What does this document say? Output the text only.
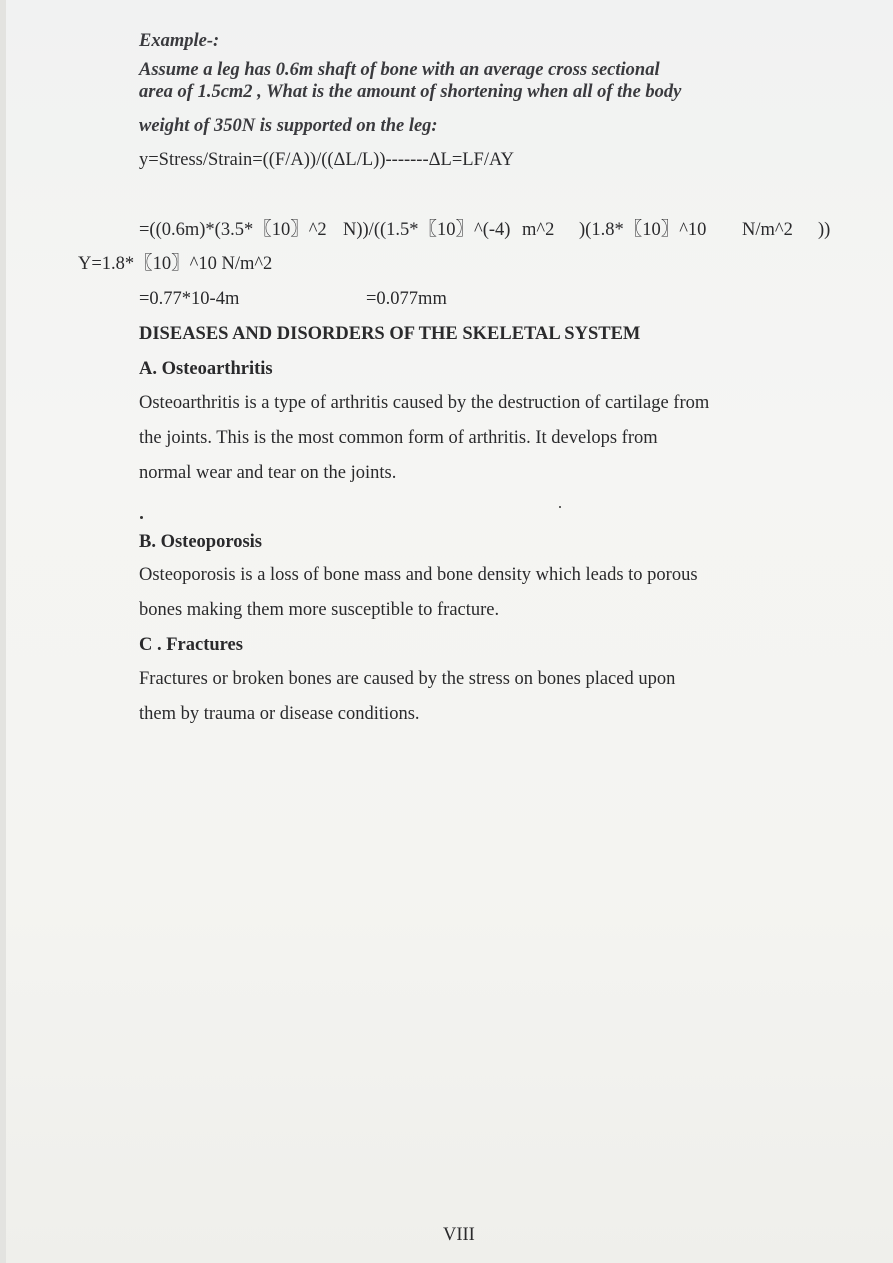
Example-:
Assume a leg has 0.6m shaft of bone with an average cross sectional
area of 1.5cm2 , What is the amount of shortening when all of the body
weight of 350N is supported on the leg:
y=Stress/Strain=((F/A))/((ΔL/L))-------ΔL=LF/AY
=((0.6m)*(3.5*〖10〗^2 N))/((1.5*〖10〗^(-4) m^2 )(1.8*〖10〗^10 N/m^2 ))
Y=1.8*〖10〗^10 N/m^2
=0.77*10-4m	=0.077mm
DISEASES AND DISORDERS OF THE SKELETAL SYSTEM
A. Osteoarthritis
Osteoarthritis is a type of arthritis caused by the destruction of cartilage from
the joints. This is the most common form of arthritis. It develops from
normal wear and tear on the joints.
B. Osteoporosis
Osteoporosis is a loss of bone mass and bone density which leads to porous
bones making them more susceptible to fracture.
C . Fractures
Fractures or broken bones are caused by the stress on bones placed upon
them by trauma or disease conditions.
VIII
